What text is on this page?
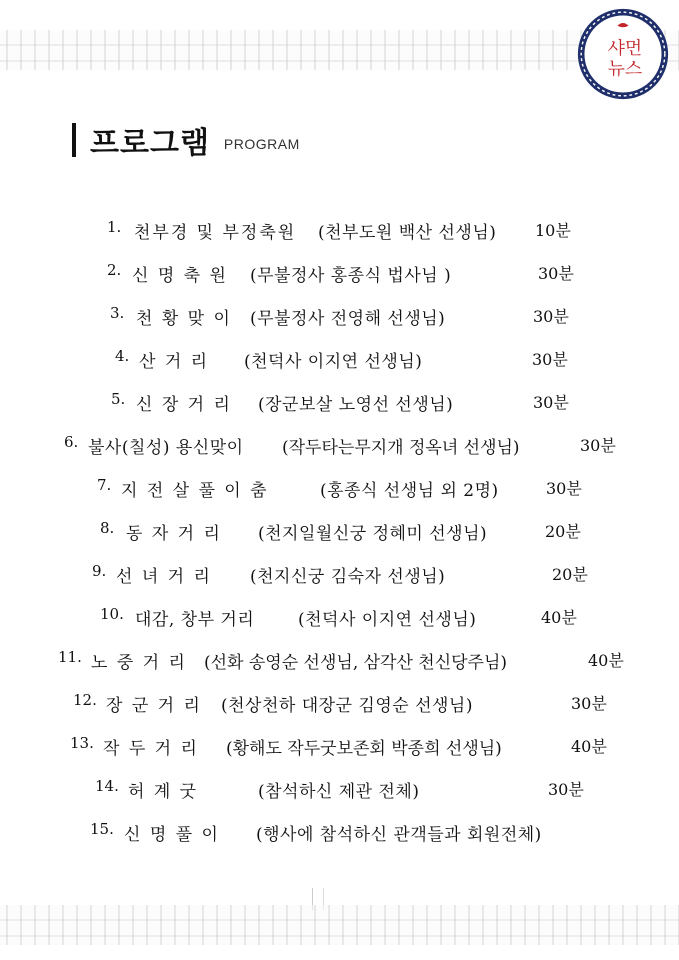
샤먼
뉴스
프로그램 PROGRAM
1. 천부경 및 부정축원 (천부도원 백산 선생님) 10분
2. 신 명 축 원 (무불정사 홍종식 법사님 )	30분
3. 천 황 맞 이 (무불정사 전영해 선생님)	30분
4. 산 거 리 (천덕사 이지연 선생님)	30분
5. 신 장 거 리 (장군보살 노영선 선생님)	30분
6. 불사(칠성) 용신맞이 (작두타는무지개 정옥녀 선생님)	30분
7. 지 전 살 풀 이 춤	(홍종식 선생님 외 2명)	30분
8. 동 자 거 리 (천지일월신궁 정혜미 선생님)	20분
9. 선 녀 거 리 (천지신궁 김숙자 선생님)	20분
10. 대감, 창부 거리	(천덕사 이지연 선생님)	40분
11. 노 중 거 리 (선화 송영순 선생님, 삼각산 천신당주님)	40분
12. 장 군 거 리 (천상천하 대장군 김영순 선생님)	30분
13. 작 두 거 리 (황해도 작두굿보존회 박종희 선생님)	40분
14. 허 계 굿	(참석하신 제관 전체)	30분
15. 신 명 풀 이 (행사에 참석하신 관객들과 회원전체)
